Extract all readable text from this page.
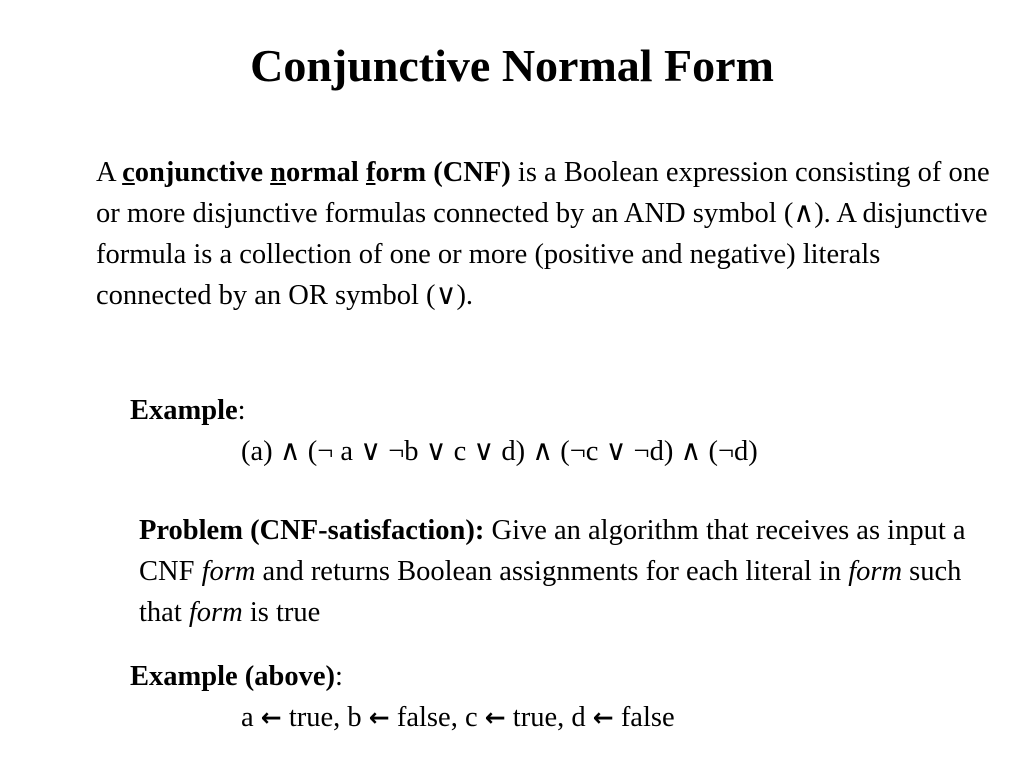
Conjunctive Normal Form

A conjunctive normal form (CNF) is a Boolean expression consisting of one or more disjunctive formulas connected by an AND symbol (∧). A disjunctive formula is a collection of one or more (positive and negative) literals connected by an OR symbol (∨).

Example:
(a) ∧ (¬ a ∨ ¬b ∨ c ∨ d) ∧ (¬c ∨ ¬d) ∧ (¬d)
Problem (CNF-satisfaction): Give an algorithm that receives as input a CNF form and returns Boolean assignments for each literal in form such that form is true
Example (above):
a ← true, b ← false, c ← true, d ← false
